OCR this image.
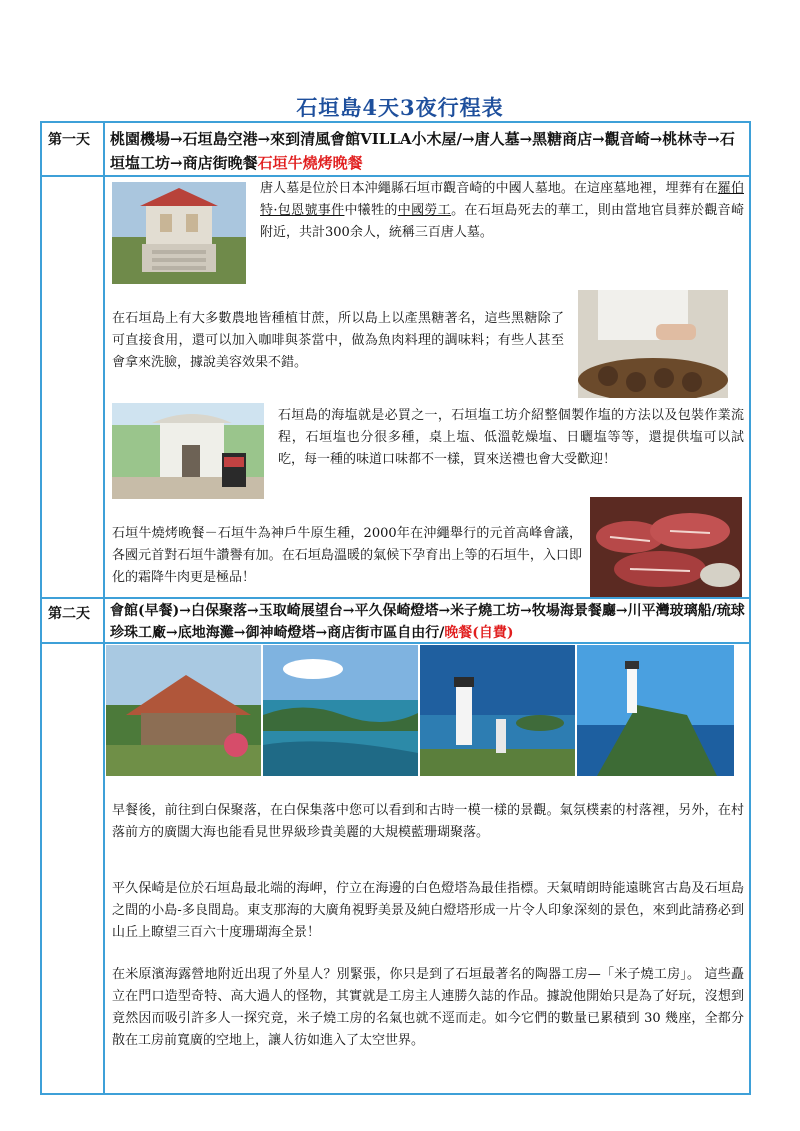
石垣島4天3夜行程表
第一天	桃園機場→石垣島空港→來到清風會館VILLA小木屋/→唐人墓→黑糖商店→觀音崎→桃林寺→石垣塩工坊→商店街晚餐石垣牛燒烤晚餐
唐人墓是位於日本沖繩縣石垣市觀音崎的中國人墓地。在這座墓地裡，埋葬有在羅伯特·包恩號事件中犧牲的中國勞工。在石垣島死去的華工，則由當地官員葬於觀音崎附近，共計300余人，統稱三百唐人墓。
在石垣島上有大多數農地皆種植甘蔗，所以島上以產黑糖著名，這些黑糖除了可直接食用，還可以加入咖啡與茶當中，做為魚肉料理的調味料；有些人甚至會拿來洗臉，據說美容效果不錯。
石垣島的海塩就是必買之一，石垣塩工坊介紹整個製作塩的方法以及包裝作業流程，石垣塩也分很多種，桌上塩、低溫乾燥塩、日曬塩等等，還提供塩可以試吃，每一種的味道口味都不一樣，買來送禮也會大受歡迎！
石垣牛燒烤晚餐－石垣牛為神戶牛原生種，2000年在沖繩舉行的元首高峰會議，各國元首對石垣牛讚譽有加。在石垣島溫暖的氣候下孕育出上等的石垣牛，入口即化的霜降牛肉更是極品！
第二天	會館(早餐)→白保聚落→玉取崎展望台→平久保崎燈塔→米子燒工坊→牧場海景餐廳→川平灣玻璃船/琉球珍珠工廠→底地海灘→御神崎燈塔→商店街市區自由行/晚餐(自費)
早餐後，前往到白保聚落，在白保集落中您可以看到和古時一模一樣的景觀。氣氛樸素的村落裡，另外，在村落前方的廣闊大海也能看見世界級珍貴美麗的大規模藍珊瑚聚落。
平久保崎是位於石垣島最北端的海岬，佇立在海邊的白色燈塔為最佳指標。天氣晴朗時能遠眺宮古島及石垣島之間的小島-多良間島。東支那海的大廣角視野美景及純白燈塔形成一片令人印象深刻的景色，來到此請務必到山丘上瞭望三百六十度珊瑚海全景！
在米原濱海露營地附近出現了外星人？別緊張，你只是到了石垣最著名的陶器工房—「米子燒工房」。 這些矗立在門口造型奇特、高大過人的怪物，其實就是工房主人連勝久誌的作品。據說他開始只是為了好玩，沒想到竟然因而吸引許多人一探究竟，米子燒工房的名氣也就不逕而走。如今它們的數量已累積到 30 幾座，全都分散在工房前寬廣的空地上，讓人彷如進入了太空世界。
